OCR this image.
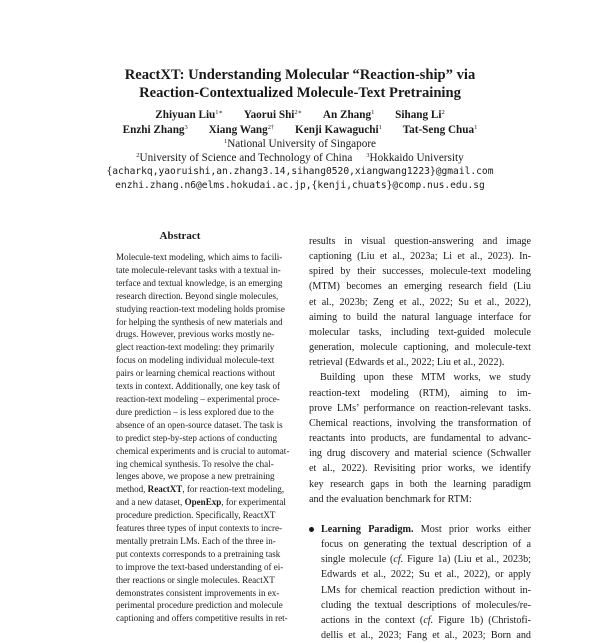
ReactXT: Understanding Molecular “Reaction-ship” via
Reaction-Contextualized Molecule-Text Pretraining
Zhiyuan Liu$^{1∗}$ Yaorui Shi$^{2∗}$ An Zhang$^1$ Sihang Li$^2$
Enzhi Zhang$^3$ Xiang Wang$^{2\dagger}$ Kenji Kawaguchi$^1$ Tat-Seng Chua$^1$
$^1$National University of Singapore
$^2$University of Science and Technology of China $^3$Hokkaido University
{acharkq,yaoruishi,an.zhang3.14,sihang0520,xiangwang1223}@gmail.com
enzhi.zhang.n6@elms.hokudai.ac.jp,{kenji,chuats}@comp.nus.edu.sg
Abstract
Molecule-text modeling, which aims to facili-
tate molecule-relevant tasks with a textual in-
terface and textual knowledge, is an emerging
research direction. Beyond single molecules,
studying reaction-text modeling holds promise
for helping the synthesis of new materials and
drugs. However, previous works mostly ne-
glect reaction-text modeling: they primarily
focus on modeling individual molecule-text
pairs or learning chemical reactions without
texts in context. Additionally, one key task of
reaction-text modeling – experimental proce-
dure prediction – is less explored due to the
absence of an open-source dataset. The task is
to predict step-by-step actions of conducting
chemical experiments and is crucial to automat-
ing chemical synthesis. To resolve the chal-
lenges above, we propose a new pretraining
method, ReactXT, for reaction-text modeling,
and a new dataset, OpenExp, for experimental
procedure prediction. Specifically, ReactXT
features three types of input contexts to incre-
mentally pretrain LMs. Each of the three in-
put contexts corresponds to a pretraining task
to improve the text-based understanding of ei-
ther reactions or single molecules. ReactXT
demonstrates consistent improvements in ex-
perimental procedure prediction and molecule
captioning and offers competitive results in ret-
results in visual question-answering and image
captioning (Liu et al., 2023a; Li et al., 2023). In-
spired by their successes, molecule-text modeling
(MTM) becomes an emerging research field (Liu
et al., 2023b; Zeng et al., 2022; Su et al., 2022),
aiming to build the natural language interface for
molecular tasks, including text-guided molecule
generation, molecule captioning, and molecule-text
retrieval (Edwards et al., 2022; Liu et al., 2022).
Building upon these MTM works, we study
reaction-text modeling (RTM), aiming to im-
prove LMs’ performance on reaction-relevant tasks.
Chemical reactions, involving the transformation of
reactants into products, are fundamental to advanc-
ing drug discovery and material science (Schwaller
et al., 2022). Revisiting prior works, we identify
key research gaps in both the learning paradigm
and the evaluation benchmark for RTM:
Learning Paradigm. Most prior works either
focus on generating the textual description of a
single molecule (cf. Figure 1a) (Liu et al., 2023b;
Edwards et al., 2022; Su et al., 2022), or apply
LMs for chemical reaction prediction without in-
cluding the textual descriptions of molecules/re-
actions in the context (cf. Figure 1b) (Christofi-
dellis et al., 2023; Fang et al., 2023; Born and
